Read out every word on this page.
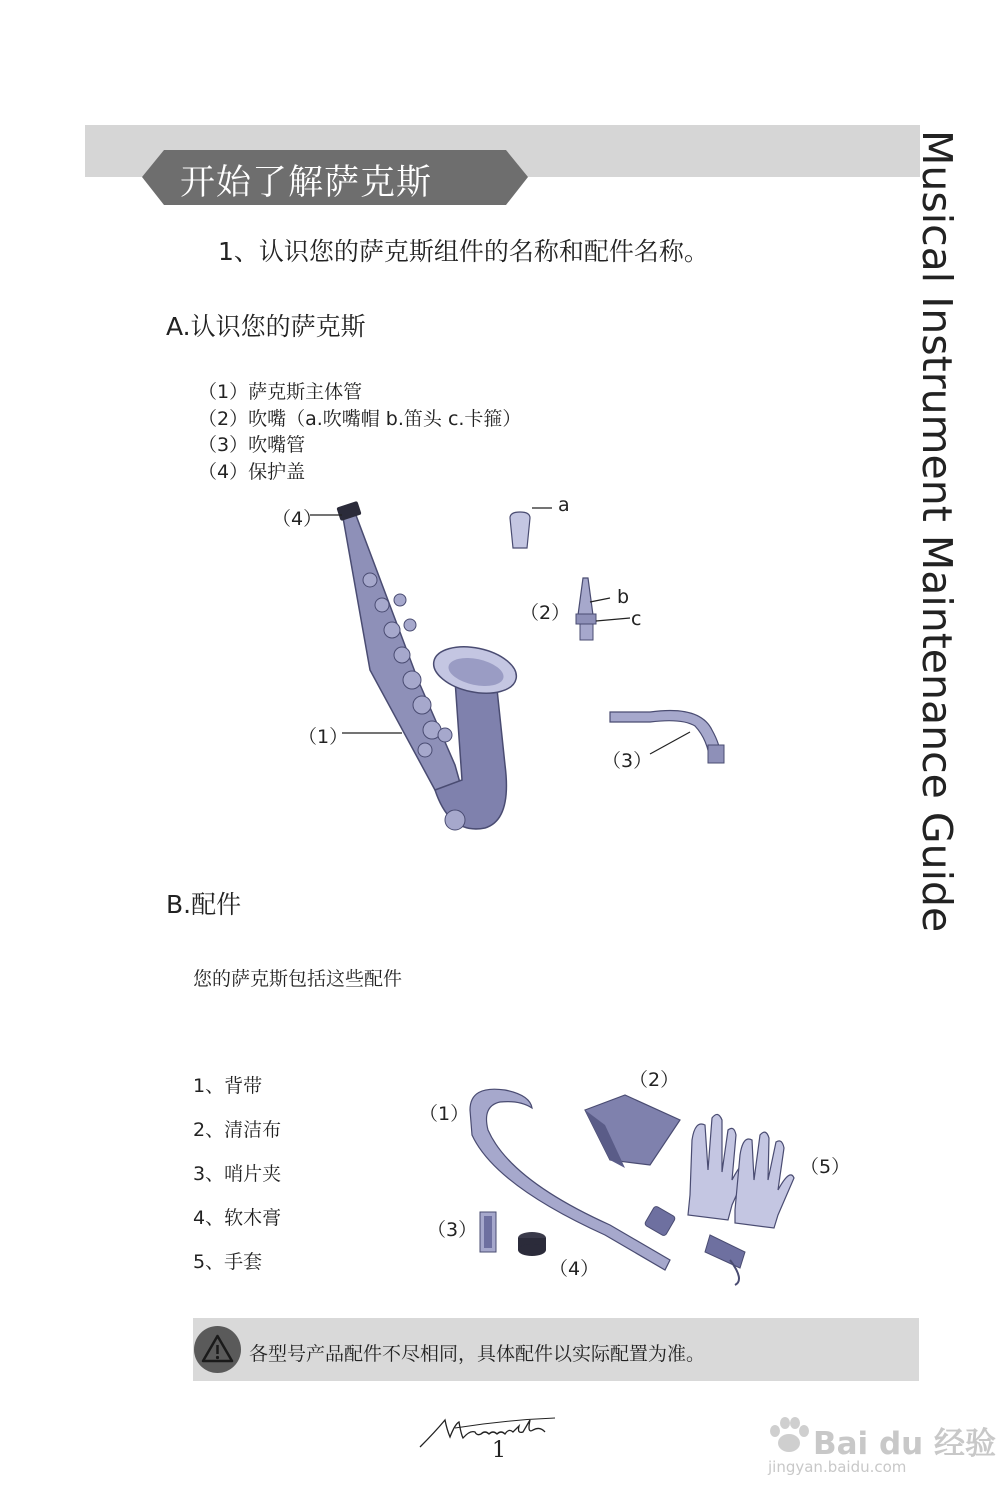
开始了解萨克斯	Musical Instrument Maintenance Guide
1、认识您的萨克斯组件的名称和配件名称。
A.认识您的萨克斯
（1）萨克斯主体管
（2）吹嘴（a.吹嘴帽 b.笛头 c.卡箍）
（3）吹嘴管
（4）保护盖
（4）
（1）
a
（2）
b
c
（3）
B.配件
您的萨克斯包括这些配件
1、背带
2、清洁布
3、哨片夹
4、软木膏
5、手套
（1）
（2）
（5）
（3）
（4）
各型号产品配件不尽相同，具体配件以实际配置为准。
1	Bai du 经验
jingyan.baidu.com
